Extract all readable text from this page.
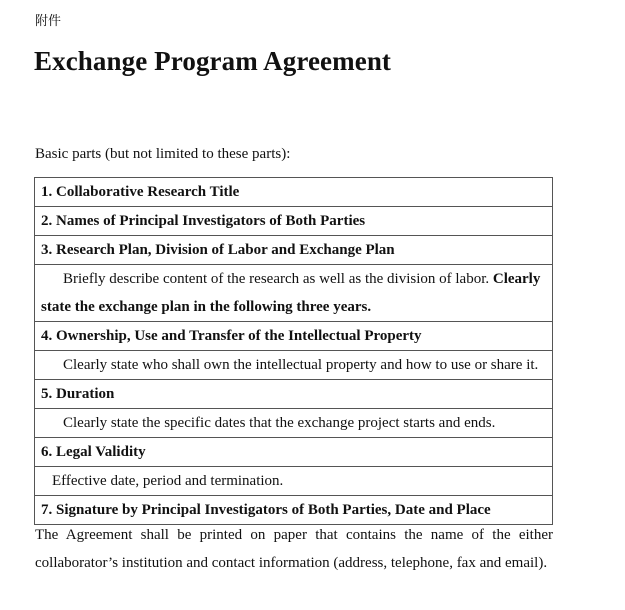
附件
Exchange Program Agreement
Basic parts (but not limited to these parts):
1. Collaborative Research Title
2. Names of Principal Investigators of Both Parties
3. Research Plan, Division of Labor and Exchange Plan
Briefly describe content of the research as well as the division of labor. Clearly state the exchange plan in the following three years.
4. Ownership, Use and Transfer of the Intellectual Property
Clearly state who shall own the intellectual property and how to use or share it.
5. Duration
Clearly state the specific dates that the exchange project starts and ends.
6. Legal Validity
Effective date, period and termination.
7. Signature by Principal Investigators of Both Parties, Date and Place
The Agreement shall be printed on paper that contains the name of the either collaborator’s institution and contact information (address, telephone, fax and email).
